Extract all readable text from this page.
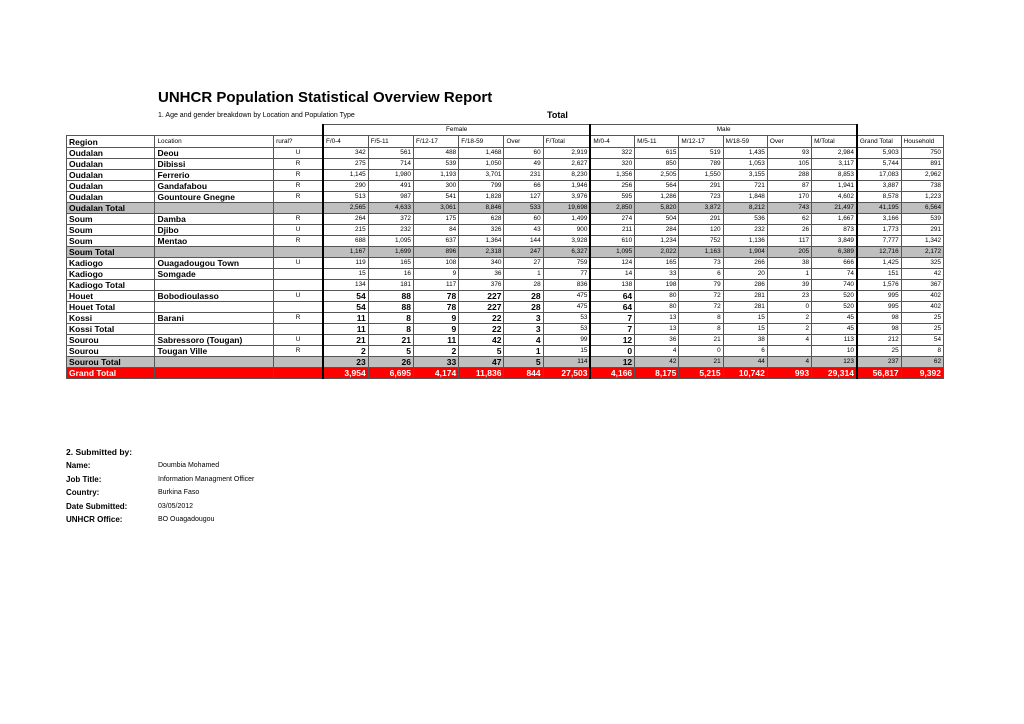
UNHCR Population Statistical Overview Report
1. Age and gender breakdown by Location and Population Type	Total
			Female						Male							
Region	Location	rural?	F/0-4	F/5-11	F/12-17	F/18-59	Over	F/Total	M/0-4	M/5-11	M/12-17	M/18-59	Over	M/Total	Grand Total	Household
Oudalan	Deou	U	342	561	488	1,468	60	2,919	322	615	519	1,435	93	2,984	5,903	750
Oudalan	Dibissi	R	275	714	539	1,050	49	2,627	320	850	789	1,053	105	3,117	5,744	891
Oudalan	Ferrerio	R	1,145	1,980	1,193	3,701	231	8,230	1,356	2,505	1,550	3,155	288	8,853	17,083	2,962
Oudalan	Gandafabou	R	290	491	300	799	66	1,946	256	564	291	721	87	1,941	3,887	738
Oudalan	Gountoure Gnegne	R	513	987	541	1,828	127	3,976	595	1,286	723	1,848	170	4,602	8,578	1,223
Oudalan Total			2,565	4,633	3,061	8,846	533	19,698	2,850	5,820	3,872	8,212	743	21,497	41,195	6,564
Soum	Damba	R	264	372	175	628	60	1,499	274	504	291	536	62	1,667	3,166	539
Soum	Djibo	U	215	232	84	326	43	900	211	284	120	232	26	873	1,773	291
Soum	Mentao	R	688	1,095	637	1,364	144	3,928	610	1,234	752	1,136	117	3,849	7,777	1,342
Soum Total			1,167	1,699	896	2,318	247	6,327	1,095	2,022	1,163	1,904	205	6,389	12,716	2,172
Kadiogo	Ouagadougou Town	U	119	165	108	340	27	759	124	165	73	266	38	666	1,425	325
Kadiogo	Somgade		15	16	9	36	1	77	14	33	6	20	1	74	151	42
Kadiogo Total			134	181	117	376	28	836	138	198	79	286	39	740	1,576	367
Houet	Bobodioulasso	U	54	88	78	227	28	475	64	80	72	281	23	520	995	402
Houet Total			54	88	78	227	28	475	64	80	72	281	0	520	995	402
Kossi	Barani	R	11	8	9	22	3	53	7	13	8	15	2	45	98	25
Kossi Total			11	8	9	22	3	53	7	13	8	15	2	45	98	25
Sourou	Sabressoro (Tougan)	U	21	21	11	42	4	99	12	36	21	38	4	113	212	54
Sourou	Tougan Ville	R	2	5	2	5	1	15	0	4	0	6		10	25	8
Sourou Total			23	26	33	47	5	114	12	42	21	44	4	123	237	62
Grand Total			3,954	6,695	4,174	11,836	844	27,503	4,166	8,175	5,215	10,742	993	29,314	56,817	9,392
2. Submitted by:
Name:	Doumbia Mohamed
Job Title:	Information Managment Officer
Country:	Burkina Faso
Date Submitted:	03/05/2012
UNHCR Office:	BO Ouagadougou
